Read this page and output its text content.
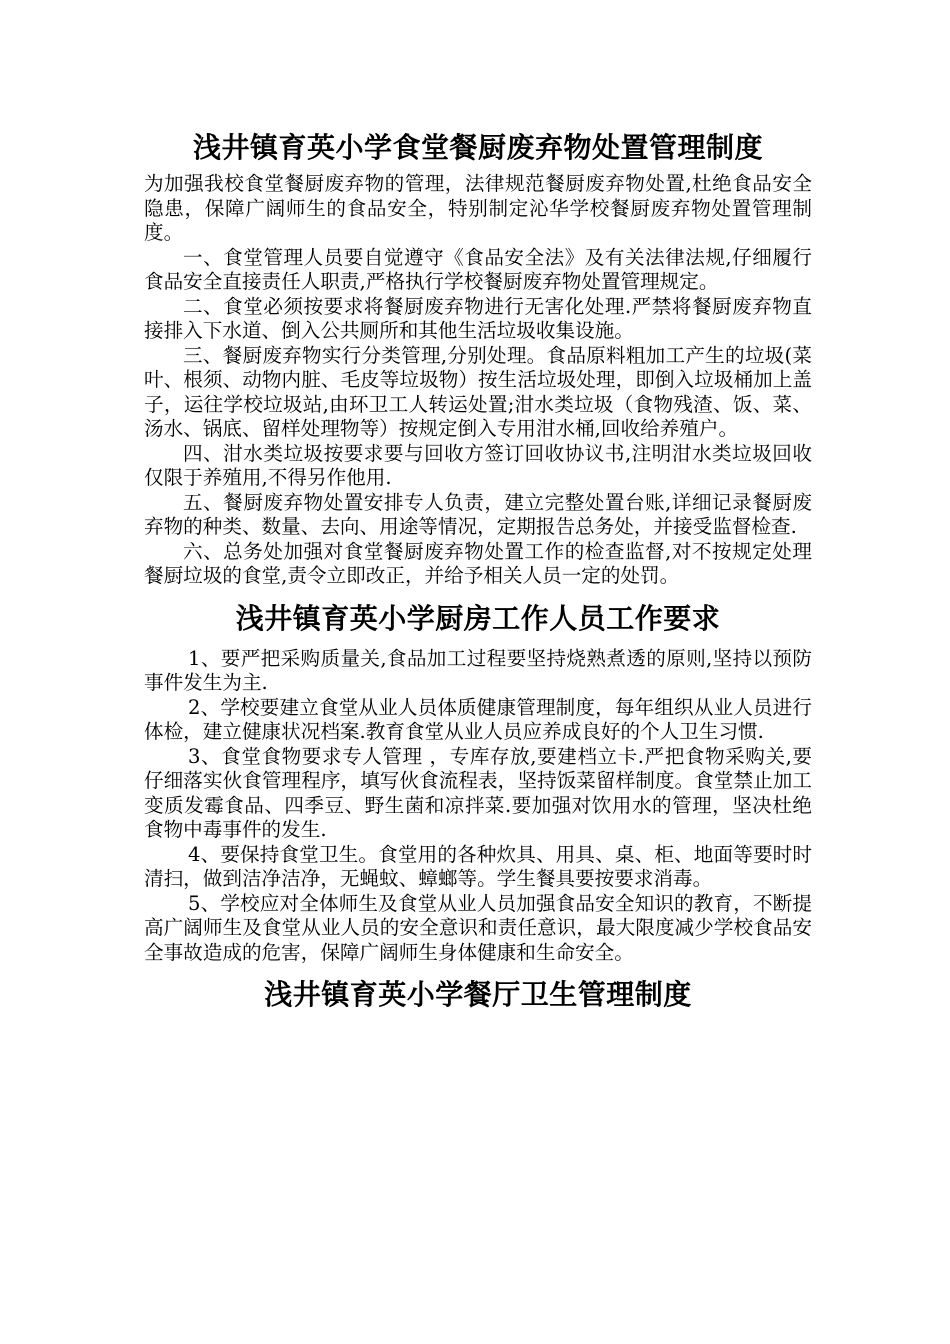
浅井镇育英小学食堂餐厨废弃物处置管理制度

为加强我校食堂餐厨废弃物的管理，法律规范餐厨废弃物处置,杜绝食品安全隐患，保障广阔师生的食品安全，特别制定沁华学校餐厨废弃物处置管理制度。

一、食堂管理人员要自觉遵守《食品安全法》及有关法律法规,仔细履行食品安全直接责任人职责,严格执行学校餐厨废弃物处置管理规定。

二、食堂必须按要求将餐厨废弃物进行无害化处理.严禁将餐厨废弃物直接排入下水道、倒入公共厕所和其他生活垃圾收集设施。

三、餐厨废弃物实行分类管理,分别处理。食品原料粗加工产生的垃圾(菜叶、根须、动物内脏、毛皮等垃圾物）按生活垃圾处理，即倒入垃圾桶加上盖子，运往学校垃圾站,由环卫工人转运处置;泔水类垃圾（食物残渣、饭、菜、汤水、锅底、留样处理物等）按规定倒入专用泔水桶,回收给养殖户。

四、泔水类垃圾按要求要与回收方签订回收协议书,注明泔水类垃圾回收仅限于养殖用,不得另作他用.

五、餐厨废弃物处置安排专人负责，建立完整处置台账,详细记录餐厨废弃物的种类、数量、去向、用途等情况，定期报告总务处，并接受监督检查.

六、总务处加强对食堂餐厨废弃物处置工作的检查监督,对不按规定处理餐厨垃圾的食堂,责令立即改正，并给予相关人员一定的处罚。

浅井镇育英小学厨房工作人员工作要求

1、要严把采购质量关,食品加工过程要坚持烧熟煮透的原则,坚持以预防事件发生为主.

2、学校要建立食堂从业人员体质健康管理制度，每年组织从业人员进行体检，建立健康状况档案.教育食堂从业人员应养成良好的个人卫生习惯.

3、食堂食物要求专人管理 ，专库存放,要建档立卡.严把食物采购关,要仔细落实伙食管理程序，填写伙食流程表，坚持饭菜留样制度。食堂禁止加工变质发霉食品、四季豆、野生菌和凉拌菜.要加强对饮用水的管理，坚决杜绝食物中毒事件的发生.

4、要保持食堂卫生。食堂用的各种炊具、用具、桌、柜、地面等要时时清扫，做到洁净洁净，无蝇蚊、蟑螂等。学生餐具要按要求消毒。

5、学校应对全体师生及食堂从业人员加强食品安全知识的教育，不断提高广阔师生及食堂从业人员的安全意识和责任意识，最大限度减少学校食品安全事故造成的危害，保障广阔师生身体健康和生命安全。

浅井镇育英小学餐厅卫生管理制度
